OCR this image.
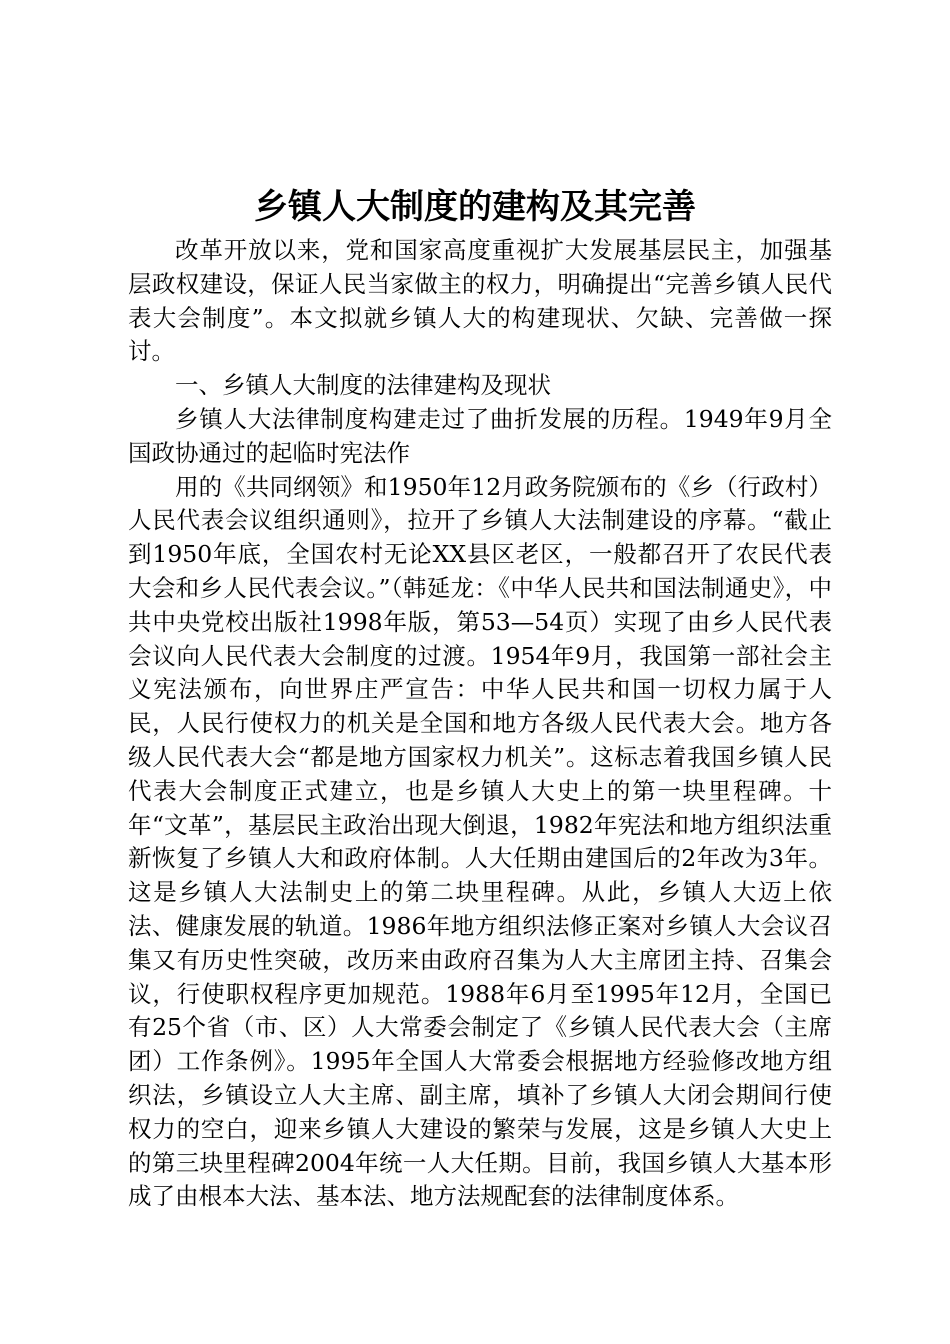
乡镇人大制度的建构及其完善

改革开放以来，党和国家高度重视扩大发展基层民主，加强基层政权建设，保证人民当家做主的权力，明确提出“完善乡镇人民代表大会制度”。本文拟就乡镇人大的构建现状、欠缺、完善做一探讨。

一、乡镇人大制度的法律建构及现状

乡镇人大法律制度构建走过了曲折发展的历程。1949年9月全国政协通过的起临时宪法作

用的《共同纲领》和1950年12月政务院颁布的《乡（行政村）人民代表会议组织通则》，拉开了乡镇人大法制建设的序幕。“截止到1950年底，全国农村无论XX县区老区，一般都召开了农民代表大会和乡人民代表会议。”（韩延龙：《中华人民共和国法制通史》，中共中央党校出版社1998年版，第53—54页）实现了由乡人民代表会议向人民代表大会制度的过渡。1954年9月，我国第一部社会主义宪法颁布，向世界庄严宣告：中华人民共和国一切权力属于人民，人民行使权力的机关是全国和地方各级人民代表大会。地方各级人民代表大会“都是地方国家权力机关”。这标志着我国乡镇人民代表大会制度正式建立，也是乡镇人大史上的第一块里程碑。十年“文革”，基层民主政治出现大倒退，1982年宪法和地方组织法重新恢复了乡镇人大和政府体制。人大任期由建国后的2年改为3年。这是乡镇人大法制史上的第二块里程碑。从此，乡镇人大迈上依法、健康发展的轨道。1986年地方组织法修正案对乡镇人大会议召集又有历史性突破，改历来由政府召集为人大主席团主持、召集会议，行使职权程序更加规范。1988年6月至1995年12月，全国已有25个省（市、区）人大常委会制定了《乡镇人民代表大会（主席团）工作条例》。1995年全国人大常委会根据地方经验修改地方组织法，乡镇设立人大主席、副主席，填补了乡镇人大闭会期间行使权力的空白，迎来乡镇人大建设的繁荣与发展，这是乡镇人大史上的第三块里程碑2004年统一人大任期。目前，我国乡镇人大基本形成了由根本大法、基本法、地方法规配套的法律制度体系。
